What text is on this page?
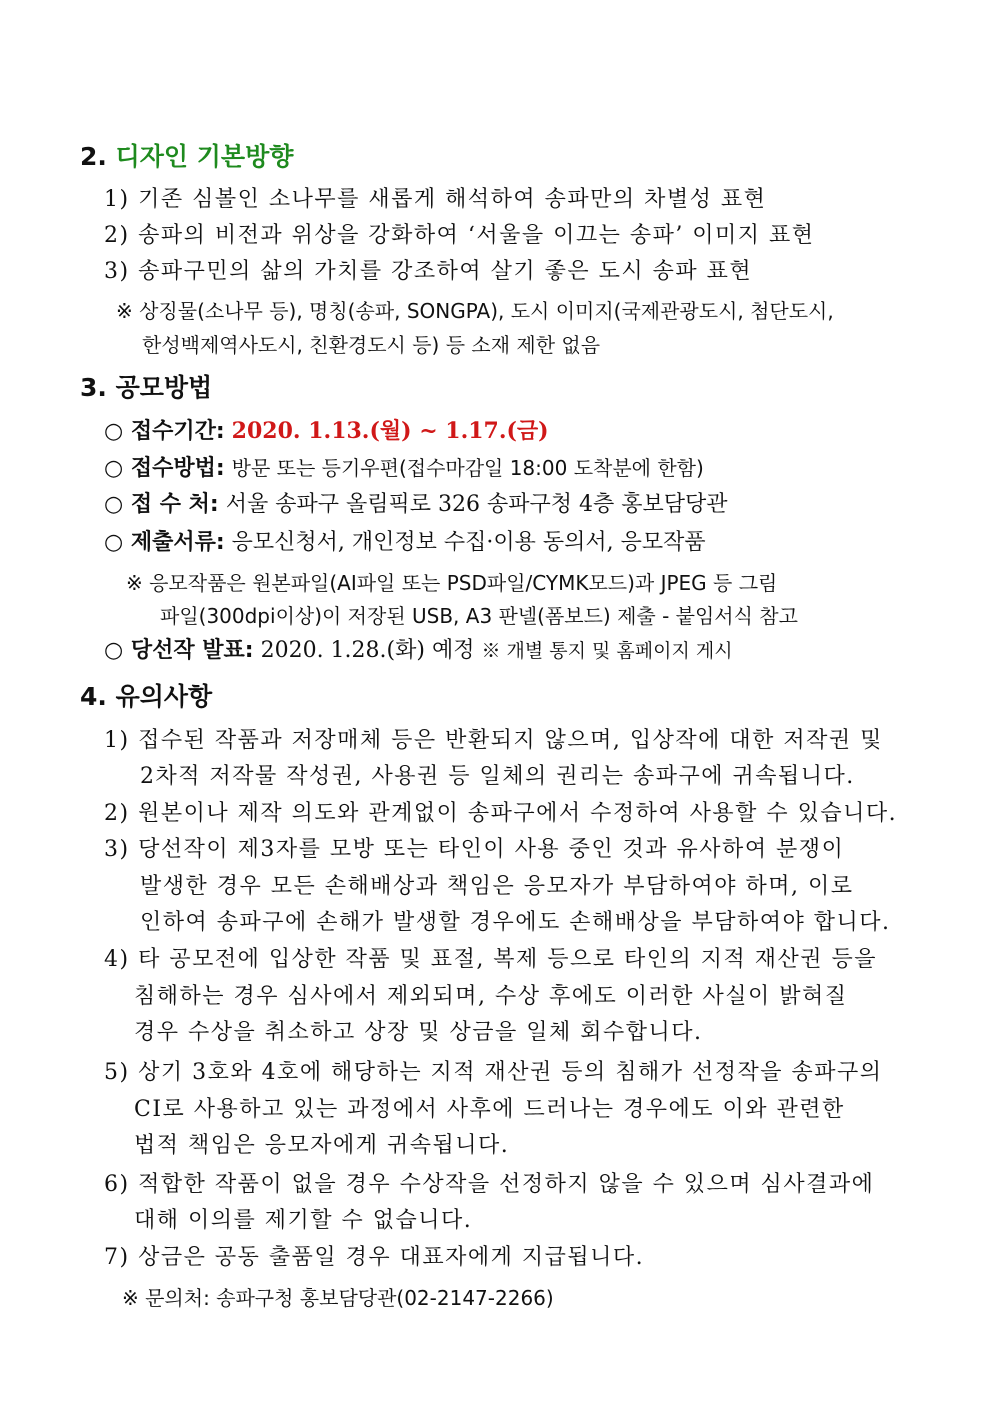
2. 디자인 기본방향
1) 기존 심볼인 소나무를 새롭게 해석하여 송파만의 차별성 표현
2) 송파의 비전과 위상을 강화하여 ‘서울을 이끄는 송파’ 이미지 표현
3) 송파구민의 삶의 가치를 강조하여 살기 좋은 도시 송파 표현
※ 상징물(소나무 등), 명칭(송파, SONGPA), 도시 이미지(국제관광도시, 첨단도시,
한성백제역사도시, 친환경도시 등) 등 소재 제한 없음
3. 공모방법
○ 접수기간: 2020. 1.13.(월) ~ 1.17.(금)
○ 접수방법: 방문 또는 등기우편(접수마감일 18:00 도착분에 한함)
○ 접 수 처: 서울 송파구 올림픽로 326 송파구청 4층 홍보담당관
○ 제출서류: 응모신청서, 개인정보 수집·이용 동의서, 응모작품
※ 응모작품은 원본파일(AI파일 또는 PSD파일/CYMK모드)과 JPEG 등 그림
파일(300dpi이상)이 저장된 USB, A3 판넬(폼보드) 제출 - 붙임서식 참고
○ 당선작 발표: 2020. 1.28.(화) 예정 ※ 개별 통지 및 홈페이지 게시
4. 유의사항
1) 접수된 작품과 저장매체 등은 반환되지 않으며, 입상작에 대한 저작권 및
2차적 저작물 작성권, 사용권 등 일체의 권리는 송파구에 귀속됩니다.
2) 원본이나 제작 의도와 관계없이 송파구에서 수정하여 사용할 수 있습니다.
3) 당선작이 제3자를 모방 또는 타인이 사용 중인 것과 유사하여 분쟁이
발생한 경우 모든 손해배상과 책임은 응모자가 부담하여야 하며, 이로
인하여 송파구에 손해가 발생할 경우에도 손해배상을 부담하여야 합니다.
4) 타 공모전에 입상한 작품 및 표절, 복제 등으로 타인의 지적 재산권 등을
침해하는 경우 심사에서 제외되며, 수상 후에도 이러한 사실이 밝혀질
경우 수상을 취소하고 상장 및 상금을 일체 회수합니다.
5) 상기 3호와 4호에 해당하는 지적 재산권 등의 침해가 선정작을 송파구의
CI로 사용하고 있는 과정에서 사후에 드러나는 경우에도 이와 관련한
법적 책임은 응모자에게 귀속됩니다.
6) 적합한 작품이 없을 경우 수상작을 선정하지 않을 수 있으며 심사결과에
대해 이의를 제기할 수 없습니다.
7) 상금은 공동 출품일 경우 대표자에게 지급됩니다.
※ 문의처: 송파구청 홍보담당관(02-2147-2266)
